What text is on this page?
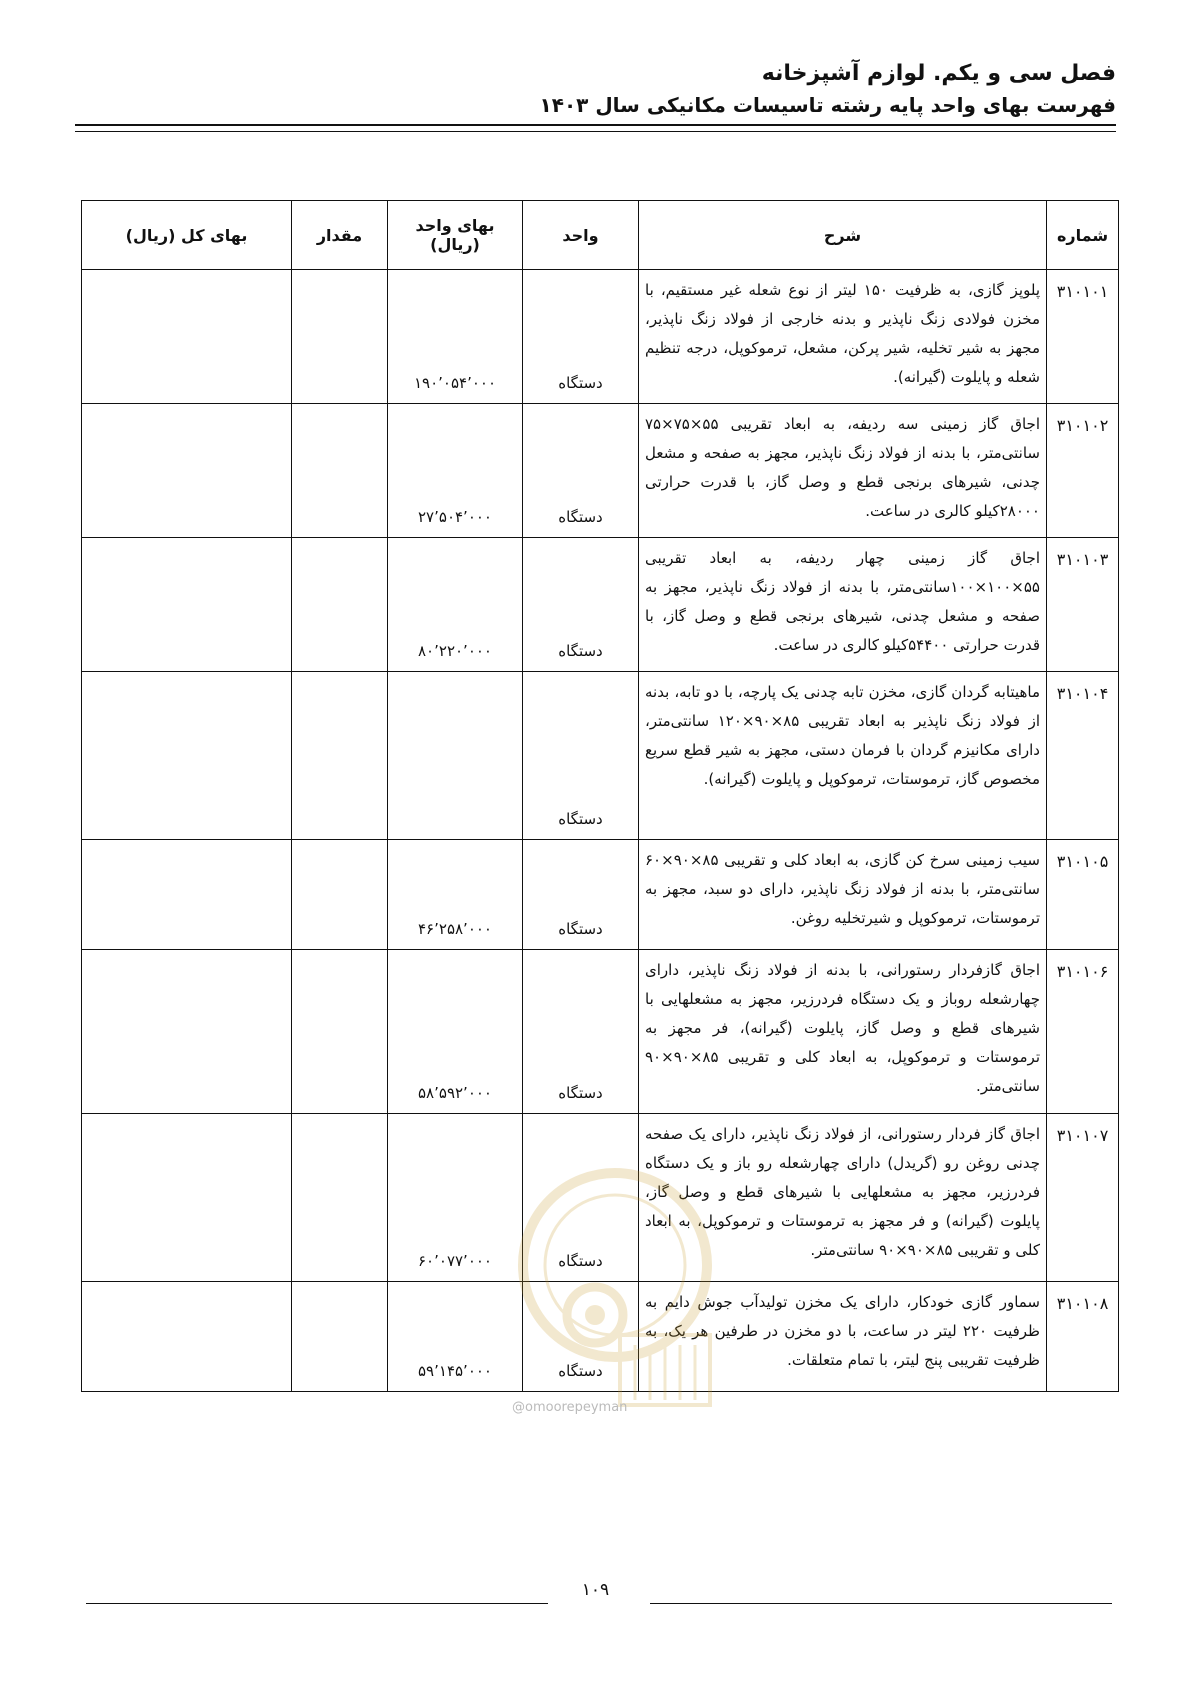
فصل سی و یکم. لوازم آشپزخانه
فهرست بهای واحد پایه رشته تاسیسات مکانیکی سال ۱۴۰۳
شماره	شرح	واحد	بهای واحد (ریال)	مقدار	بهای کل (ریال)
۳۱۰۱۰۱	پلوپز گازی، به ظرفیت ۱۵۰ لیتر از نوع شعله غیر مستقیم، با مخزن فولادی زنگ ناپذیر و بدنه خارجی از فولاد زنگ ناپذیر، مجهز به شیر تخلیه، شیر پرکن، مشعل، ترموکوپل، درجه تنظیم شعله و پایلوت (گیرانه).	دستگاه	۱۹۰٬۰۵۴٬۰۰۰		
۳۱۰۱۰۲	اجاق گاز زمینی سه ردیفه، به ابعاد تقریبی ۵۵×۷۵×۷۵ سانتی‌متر، با بدنه از فولاد زنگ ناپذیر، مجهز به صفحه و مشعل چدنی، شیرهای برنجی قطع و وصل گاز، با قدرت حرارتی ۲۸۰۰۰کیلو کالری در ساعت.	دستگاه	۲۷٬۵۰۴٬۰۰۰		
۳۱۰۱۰۳	اجاق گاز زمینی چهار ردیفه، به ابعاد تقریبی ۵۵×۱۰۰×۱۰۰سانتی‌متر، با بدنه از فولاد زنگ ناپذیر، مجهز به صفحه و مشعل چدنی، شیرهای برنجی قطع و وصل گاز، با قدرت حرارتی ۵۴۴۰۰کیلو کالری در ساعت.	دستگاه	۸۰٬۲۲۰٬۰۰۰		
۳۱۰۱۰۴	ماهیتابه گردان گازی، مخزن تابه چدنی یک پارچه، با دو تابه، بدنه از فولاد زنگ ناپذیر به ابعاد تقریبی ۸۵×۹۰×۱۲۰ سانتی‌متر، دارای مکانیزم گردان با فرمان دستی، مجهز به شیر قطع سریع مخصوص گاز، ترموستات، ترموکوپل و پایلوت (گیرانه).	دستگاه			
۳۱۰۱۰۵	سیب زمینی سرخ کن گازی، به ابعاد کلی و تقریبی ۸۵×۹۰×۶۰ سانتی‌متر، با بدنه از فولاد زنگ ناپذیر، دارای دو سبد، مجهز به ترموستات، ترموکوپل و شیرتخلیه روغن.	دستگاه	۴۶٬۲۵۸٬۰۰۰		
۳۱۰۱۰۶	اجاق گازفردار رستورانی، با بدنه از فولاد زنگ ناپذیر، دارای چهارشعله روباز و یک دستگاه فردرزیر، مجهز به مشعلهایی با شیرهای قطع و وصل گاز، پایلوت (گیرانه)، فر مجهز به ترموستات و ترموکوپل، به ابعاد کلی و تقریبی ۸۵×۹۰×۹۰ سانتی‌متر.	دستگاه	۵۸٬۵۹۲٬۰۰۰		
۳۱۰۱۰۷	اجاق گاز فردار رستورانی، از فولاد زنگ ناپذیر، دارای یک صفحه چدنی روغن رو (گریدل) دارای چهارشعله رو باز و یک دستگاه فردرزیر، مجهز به مشعلهایی با شیرهای قطع و وصل گاز، پایلوت (گیرانه) و فر مجهز به ترموستات و ترموکوپل، به ابعاد کلی و تقریبی ۸۵×۹۰×۹۰ سانتی‌متر.	دستگاه	۶۰٬۰۷۷٬۰۰۰		
۳۱۰۱۰۸	سماور گازی خودکار، دارای یک مخزن تولیدآب جوش دایم به ظرفیت ۲۲۰ لیتر در ساعت، با دو مخزن در طرفین هر یک، به ظرفیت تقریبی پنج لیتر، با تمام متعلقات.	دستگاه	۵۹٬۱۴۵٬۰۰۰		
@omoorepeyman
۱۰۹
